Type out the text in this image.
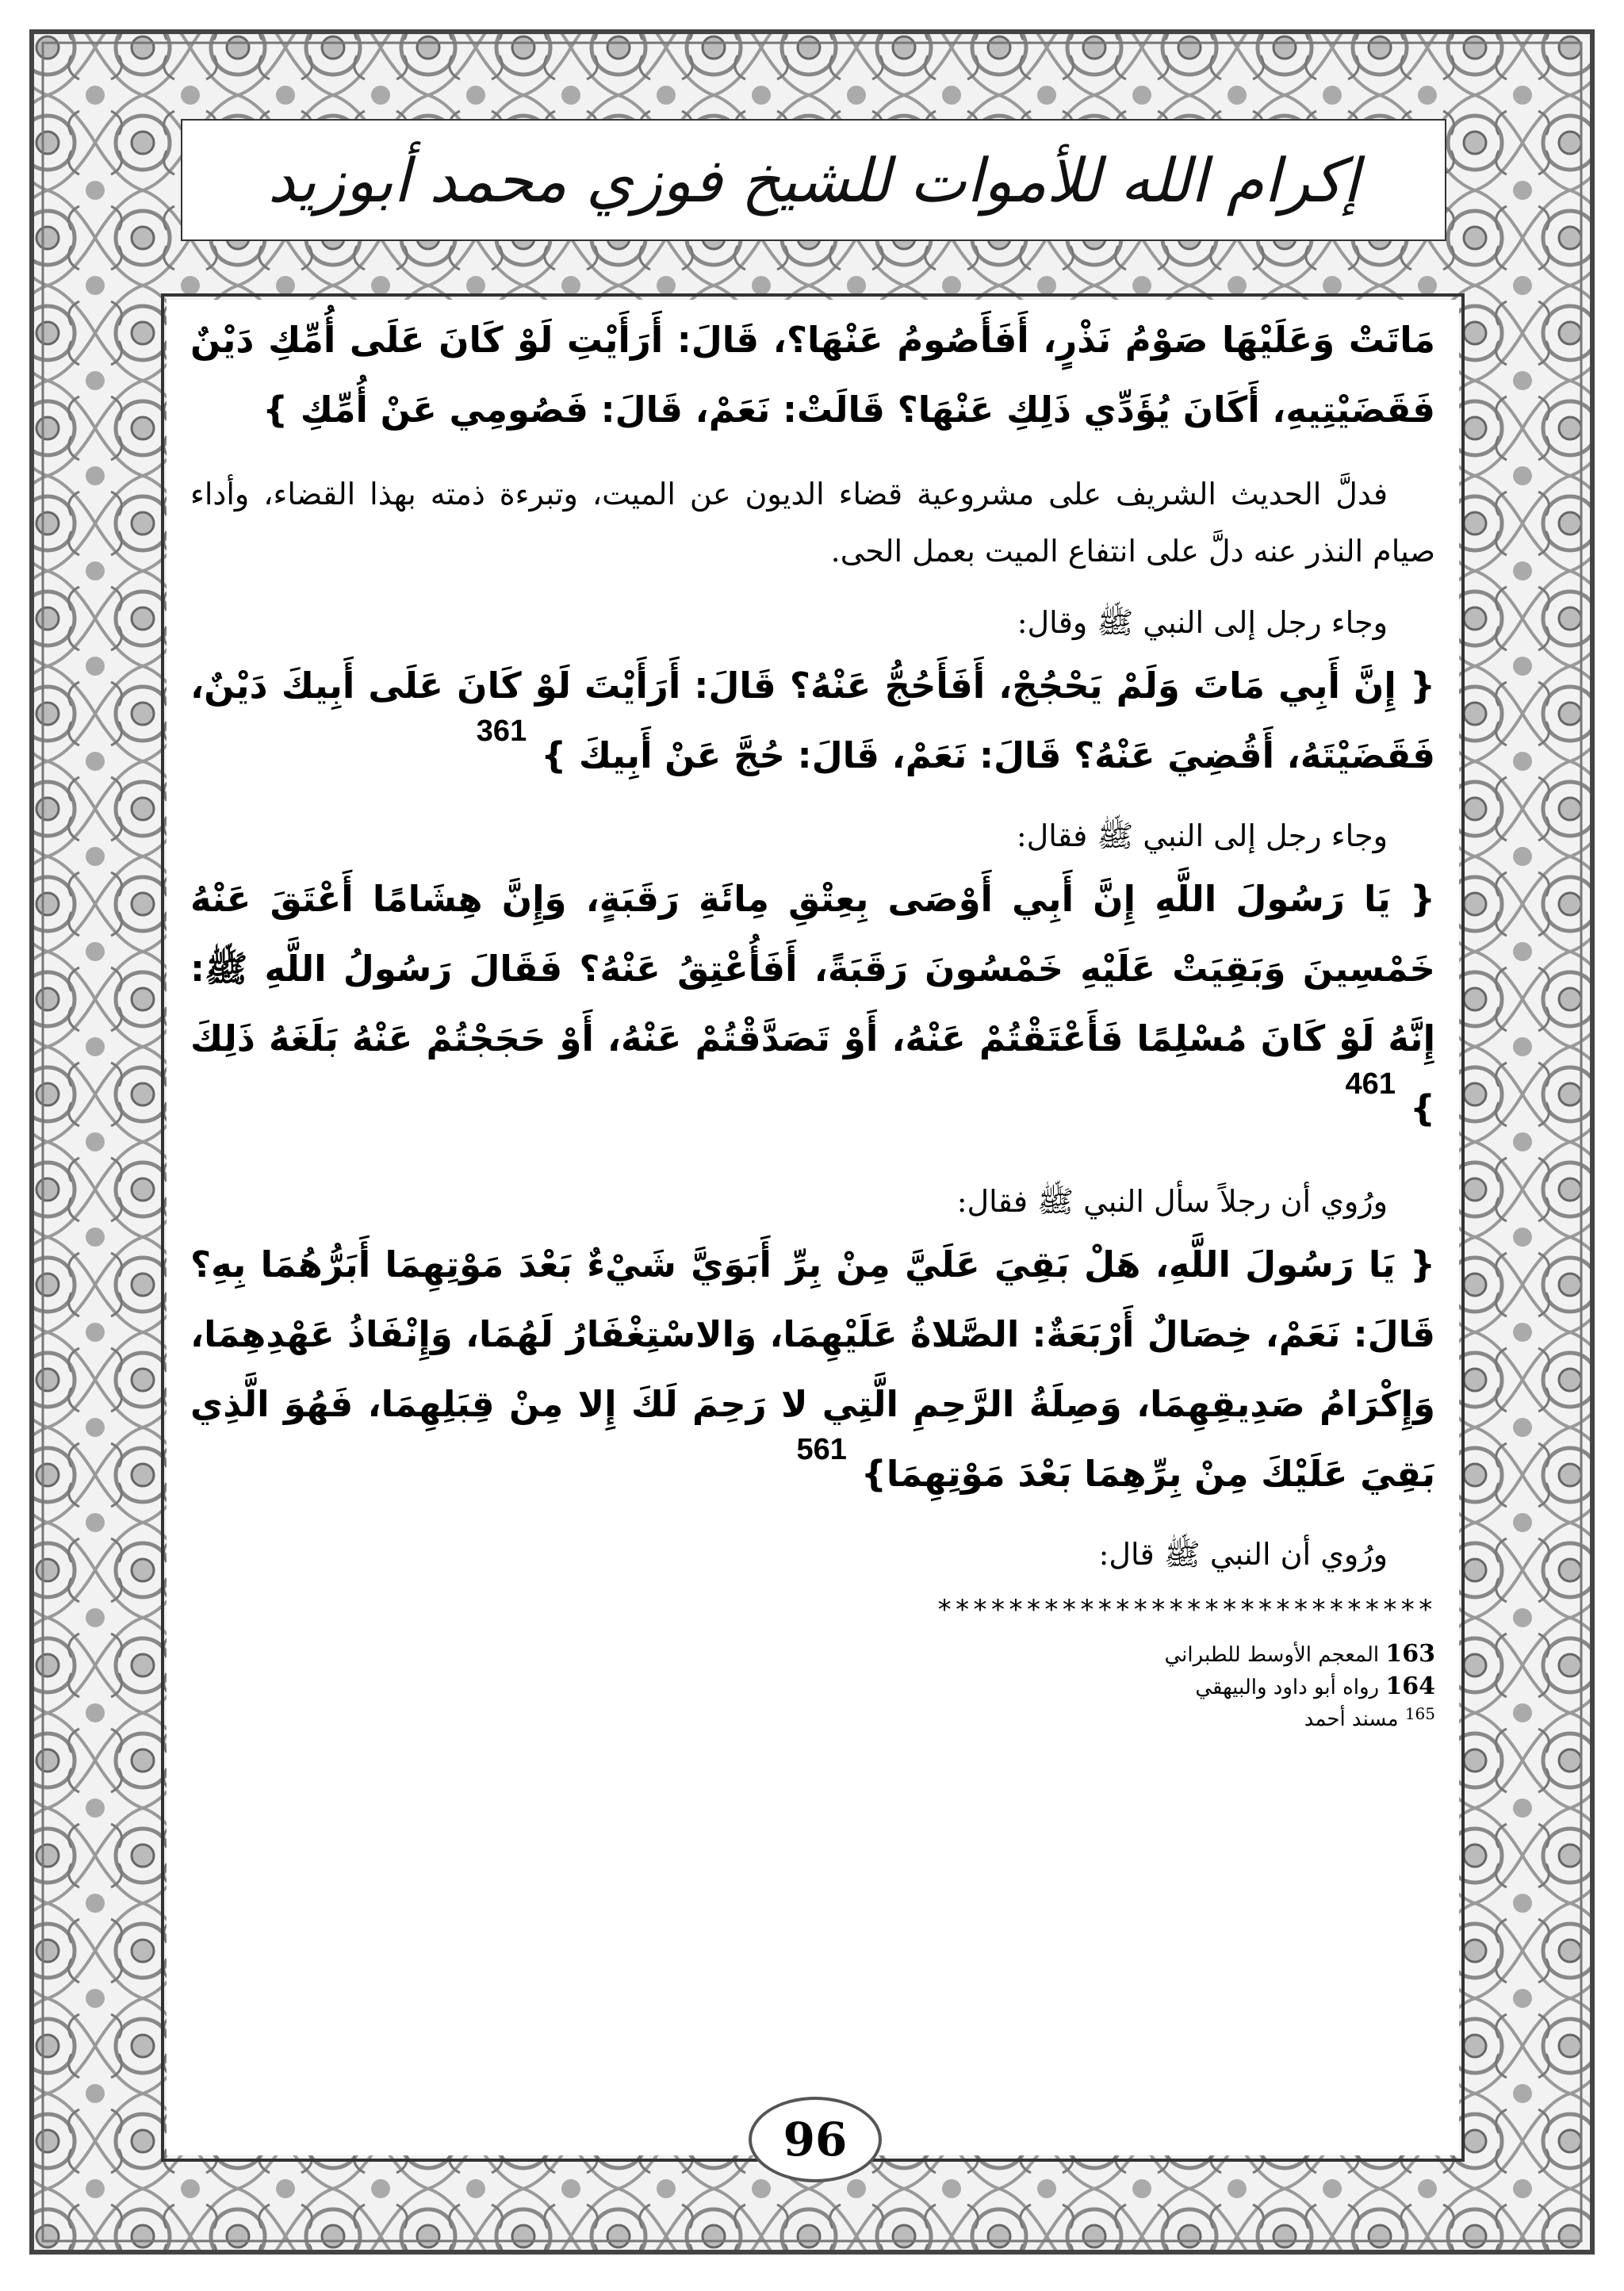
إكرام الله للأموات للشيخ فوزي محمد أبوزيد

مَاتَتْ وَعَلَيْهَا صَوْمُ نَذْرٍ، أَفَأَصُومُ عَنْهَا؟، قَالَ: أَرَأَيْتِ لَوْ كَانَ عَلَى أُمِّكِ دَيْنٌ فَقَضَيْتِيهِ، أَكَانَ يُؤَدِّي ذَلِكِ عَنْهَا؟ قَالَتْ: نَعَمْ، قَالَ: فَصُومِي عَنْ أُمِّكِ }

فدلَّ الحديث الشريف على مشروعية قضاء الديون عن الميت، وتبرءة ذمته بهذا القضاء، وأداء صيام النذر عنه دلَّ على انتفاع الميت بعمل الحى.

وجاء رجل إلى النبي ﷺ وقال:

{ إِنَّ أَبِي مَاتَ وَلَمْ يَحْجُجْ، أَفَأَحُجُّ عَنْهُ؟ قَالَ: أَرَأَيْتَ لَوْ كَانَ عَلَى أَبِيكَ دَيْنٌ، فَقَضَيْتَهُ، أَقُضِيَ عَنْهُ؟ قَالَ: نَعَمْ، قَالَ: حُجَّ عَنْ أَبِيكَ }$^{361}$

وجاء رجل إلى النبي ﷺ فقال:

{ يَا رَسُولَ اللَّهِ إِنَّ أَبِي أَوْصَى بِعِتْقِ مِائَةِ رَقَبَةٍ، وَإِنَّ هِشَامًا أَعْتَقَ عَنْهُ خَمْسِينَ وَبَقِيَتْ عَلَيْهِ خَمْسُونَ رَقَبَةً، أَفَأُعْتِقُ عَنْهُ؟ فَقَالَ رَسُولُ اللَّهِ ﷺ: إِنَّهُ لَوْ كَانَ مُسْلِمًا فَأَعْتَقْتُمْ عَنْهُ، أَوْ تَصَدَّقْتُمْ عَنْهُ، أَوْ حَجَجْتُمْ عَنْهُ بَلَغَهُ ذَلِكَ }$^{461}$

ورُوي أن رجلاً سأل النبي ﷺ فقال:

{ يَا رَسُولَ اللَّهِ، هَلْ بَقِيَ عَلَيَّ مِنْ بِرِّ أَبَوَيَّ شَيْءٌ بَعْدَ مَوْتِهِمَا أَبَرُّهُمَا بِهِ؟ قَالَ: نَعَمْ، خِصَالٌ أَرْبَعَةٌ: الصَّلاةُ عَلَيْهِمَا، وَالاسْتِغْفَارُ لَهُمَا، وَإِنْفَاذُ عَهْدِهِمَا، وَإِكْرَامُ صَدِيقِهِمَا، وَصِلَةُ الرَّحِمِ الَّتِي لا رَحِمَ لَكَ إِلا مِنْ قِبَلِهِمَا، فَهُوَ الَّذِي بَقِيَ عَلَيْكَ مِنْ بِرِّهِمَا بَعْدَ مَوْتِهِمَا}$^{561}$

ورُوي أن النبي ﷺ قال:

****************************

163 المعجم الأوسط للطبراني

164 رواه أبو داود والبيهقي

$^{165}$ مسند أحمد

96
